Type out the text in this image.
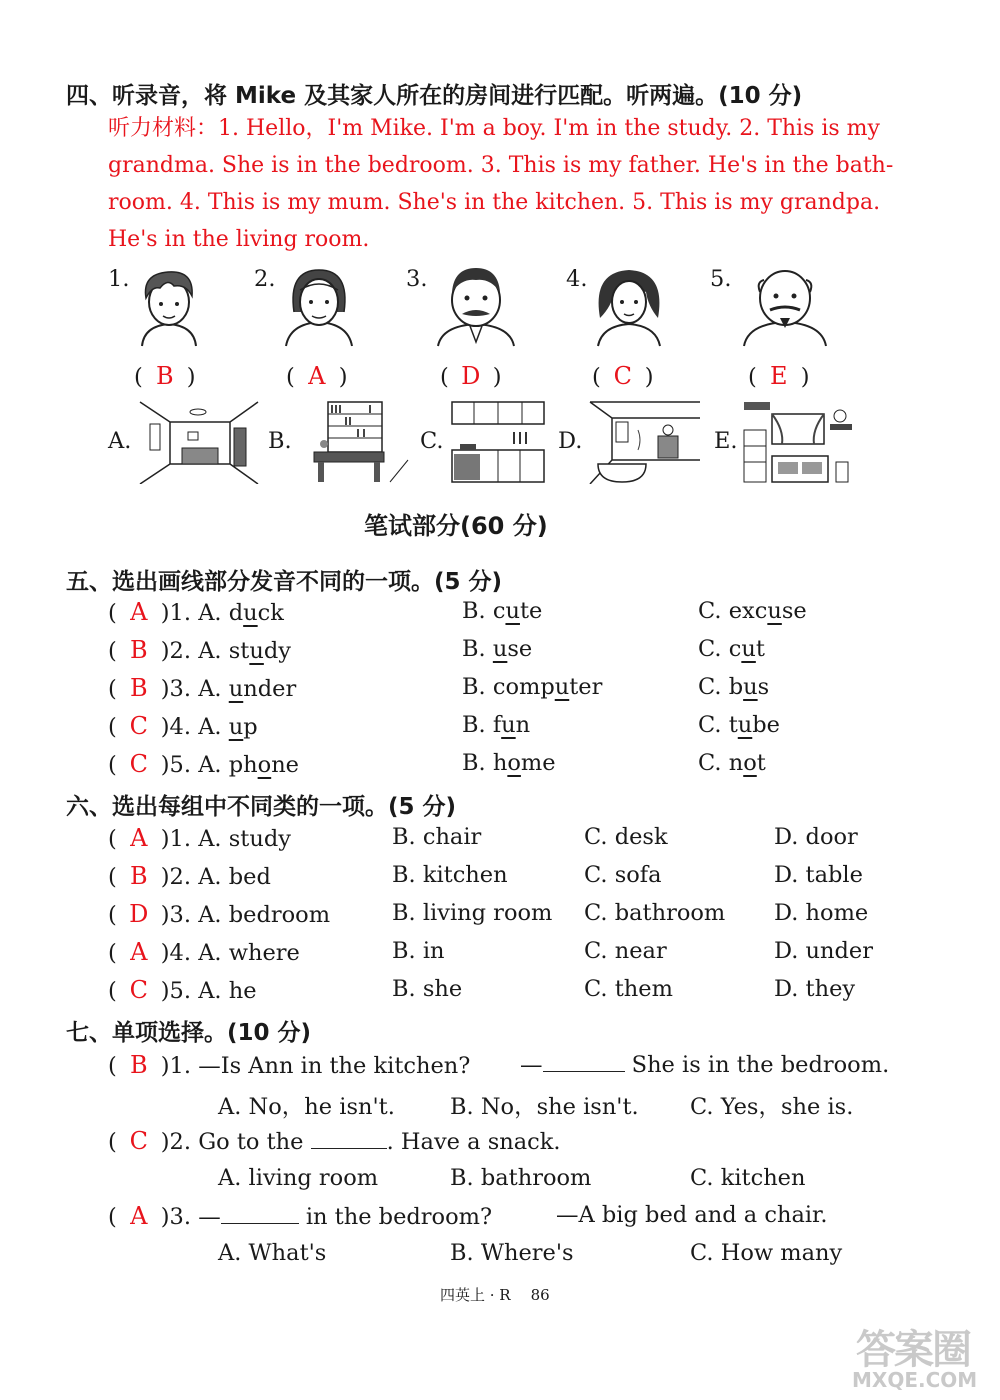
四、听录音，将 Mike 及其家人所在的房间进行匹配。听两遍。(10 分)
听力材料：1. Hello，I'm Mike. I'm a boy. I'm in the study. 2. This is my
grandma. She is in the bedroom. 3. This is my father. He's in the bath-
room. 4. This is my mum. She's in the kitchen. 5. This is my grandpa.
He's in the living room.
1.	2.	3.	4.	5.
( B )	( A )	( D )	( C )	( E )
A.	B.	C.	D.	E.
笔试部分(60 分)
五、选出画线部分发音不同的一项。(5 分)
( A )1. A. duck	B. cute	C. excuse
( B )2. A. study	B. use	C. cut
( B )3. A. under	B. computer	C. bus
( C )4. A. up	B. fun	C. tube
( C )5. A. phone	B. home	C. not
六、选出每组中不同类的一项。(5 分)
( A )1. A. study	B. chair	C. desk	D. door
( B )2. A. bed	B. kitchen	C. sofa	D. table
( D )3. A. bedroom	B. living room C. bathroom D. home
( A )4. A. where	B. in	C. near	D. under
( C )5. A. he	B. she	C. them	D. they
七、单项选择。(10 分)
( B )1. —Is Ann in the kitchen? —	She is in the bedroom.
A. No，he isn't. B. No，she isn't. C. Yes，she is.
( C )2. Go to the	. Have a snack.
A. living room	B. bathroom	C. kitchen
( A )3. —	in the bedroom?	—A big bed and a chair.
A. What's	B. Where's	C. How many
四英上 · R 86
答案圈
MXQE.COM
